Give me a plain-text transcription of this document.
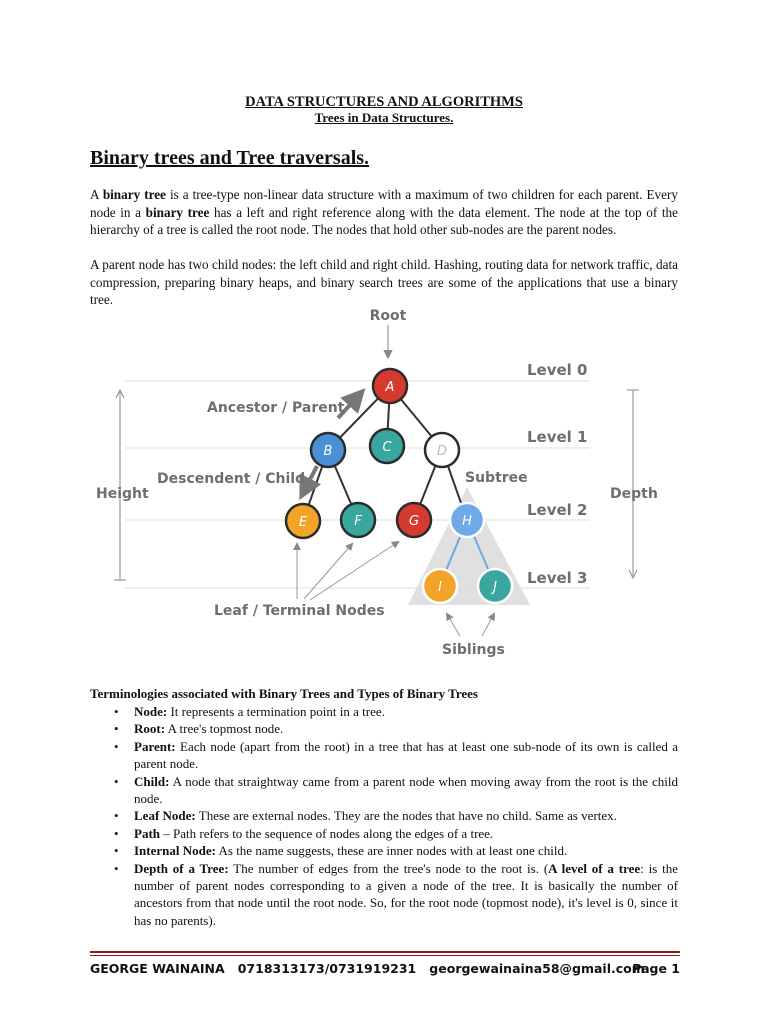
DATA STRUCTURES AND ALGORITHMS
Trees in Data Structures.
Binary trees and Tree traversals.
A binary tree is a tree-type non-linear data structure with a maximum of two children for each parent. Every node in a binary tree has a left and right reference along with the data element. The node at the top of the hierarchy of a tree is called the root node. The nodes that hold other sub-nodes are the parent nodes.
A parent node has two child nodes: the left child and right child. Hashing, routing data for network traffic, data compression, preparing binary heaps, and binary search trees are some of the applications that use a binary tree.
A
B	C	D
E	F	G	H
I	J
Root
Ancestor / Parent
Descendent / Child
Height	Depth
Subtree
Leaf / Terminal Nodes
Siblings
Level 0
Level 1
Level 2
Level 3
Terminologies associated with Binary Trees and Types of Binary Trees
• Node: It represents a termination point in a tree.
• Root: A tree's topmost node.
• Parent: Each node (apart from the root) in a tree that has at least one sub-node of its own is called a parent node.
• Child: A node that straightway came from a parent node when moving away from the root is the child node.
• Leaf Node: These are external nodes. They are the nodes that have no child. Same as vertex.
• Path – Path refers to the sequence of nodes along the edges of a tree.
• Internal Node: As the name suggests, these are inner nodes with at least one child.
• Depth of a Tree: The number of edges from the tree's node to the root is. (A level of a tree: is the number of parent nodes corresponding to a given a node of the tree. It is basically the number of ancestors from that node until the root node. So, for the root node (topmost node), it's level is 0, since it has no parents).
GEORGE WAINAINA   0718313173/0731919231   georgewainaina58@gmail.com
Page 1
